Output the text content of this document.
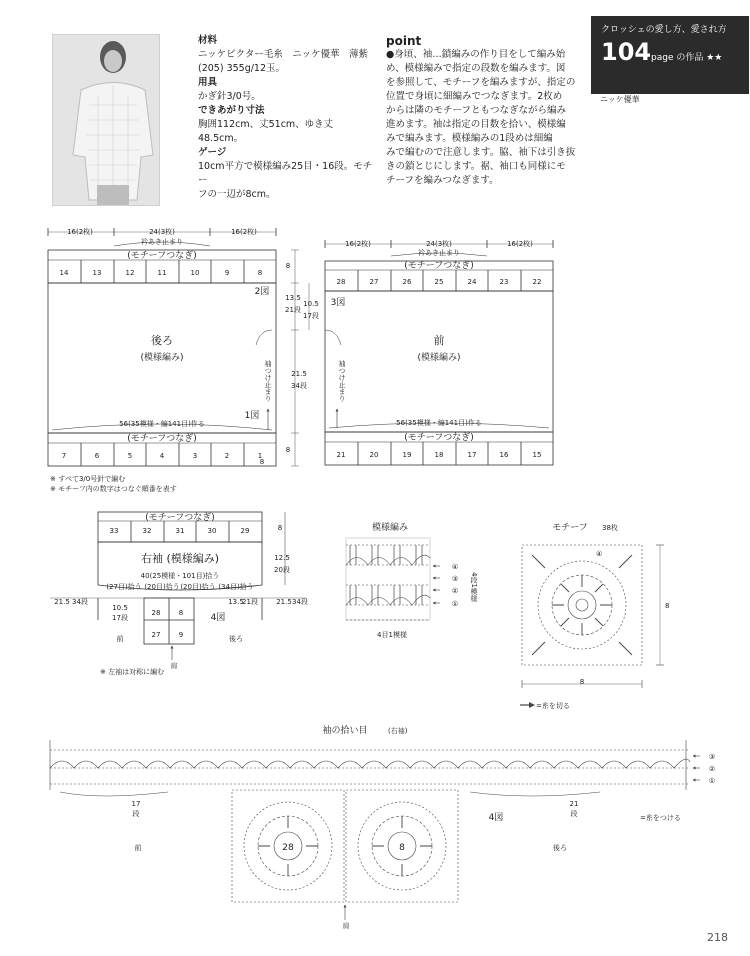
材料
ニッケビクター毛糸　ニッケ優華　薄紫
(205) 355g/12玉。
用具
かぎ針3/0号。
できあがり寸法
胸囲112cm、丈51cm、ゆき丈48.5cm。
ゲージ
10cm平方で模様編み25目・16段。モチー
フの一辺が8cm。
point
●身頃、袖…鎖編みの作り目をして編み始
め、模様編みで指定の段数を編みます。図
を参照して、モチーフを編みますが、指定の
位置で身頃に細編みでつなぎます。2枚め
からは隣のモチーフともつなぎながら編み
進めます。袖は指定の目数を拾い、模様編
みで編みます。模様編みの1段めは細編
みで編むので注意します。脇、袖下は引き抜
きの鎖とじにします。裾、袖口も同様にモ
チーフを編みつなぎます。
クロッシェの愛し方、愛され方
104 page の作品 ★★
ニッケ優華
16(2枚)	24(3枚)	16(2枚)
衿あき止まり
(モチーフつなぎ)
14	13	12	11	10	9	8
2図
後ろ
(模様編み)
56(35模様・編141目)作る
1図
(モチーフつなぎ)
7	6	5	4	3	2	1
8
袖つけ止まり
※ すべて3/0号針で編む
※ モチーフ内の数字はつなぐ順番を表す
8
13.5
21段
10.5
17段
21.5
34段
8
16(2枚)	24(3枚)	16(2枚)
衿あき止まり
(モチーフつなぎ)
28	27	26	25	24	23	22
3図
前
(模様編み)
56(35模様・編141目)作る
(モチーフつなぎ)
21	20	19	18	17	16	15
袖つけ止まり
33	32	31	30	29
(モチーフつなぎ)
右袖 (模様編み)
40(25模様・101目)拾う
(27目)拾う (20目)拾う (20目)拾う (34目)拾う
21.5 34段
10.5
17段
13.5
21段	21.5 34段
4図
28	8
27	9
前	後ろ
肩
8
12.5
20段
※ 左袖は対称に編む
模様編み
④
③
②
①
4段1模様
4目1模様
モチーフ 38枚
8
8
④
=糸を切る
袖の拾い目	(右袖)
17
段
21
段
③
②
①
4図	=糸をつける
前	後ろ
肩
28	8
218
